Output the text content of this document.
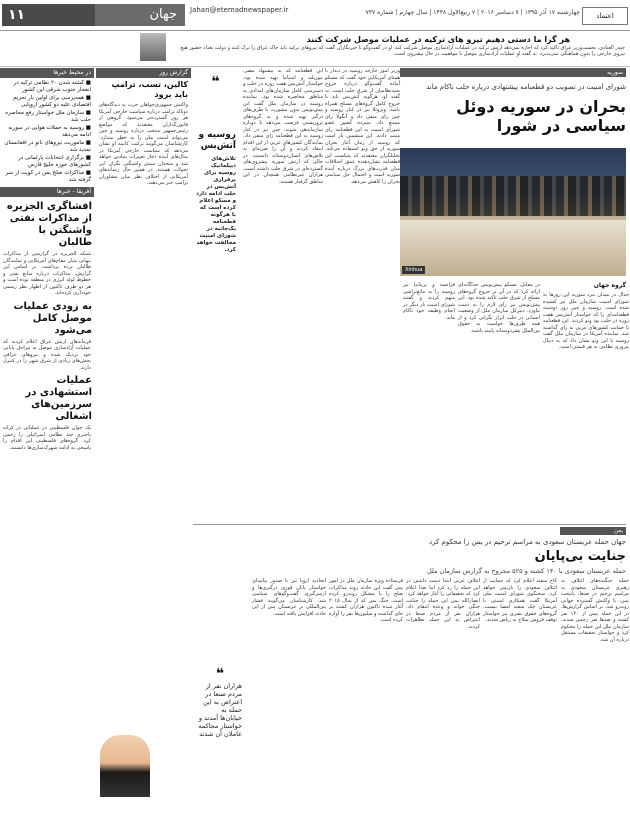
۱۱	جهان	Jahan@etemadnewspaper.ir	چهارشنبه ۱۷ آذر ۱۳۹۵ | ۷ دسامبر ۲۰۱۶ | ۷ ربیع‌الاول ۱۴۳۸ | سال چهارم | شماره ۷۳۷	اعتماد
هر گرا ما دستی دهیم تیرو های ترکیه در عملیات موصل شرکت کنند
حیدر العبادی، نخست‌وزیر عراق تاکید کرد که اجازه نمی‌دهد ارتش ترکیه در عملیات آزادسازی موصل شرکت کند. او در گفت‌وگو با خبرنگاران گفت که نیروهای ترکیه باید خاک عراق را ترک کنند و دولت بغداد حضور هیچ نیروی خارجی را بدون هماهنگی نمی‌پذیرد. به گفته او عملیات آزادسازی موصل با موفقیت در حال پیشروی است.
در محیط خبرها
■ کشته شدن ۲۰ نظامی ترکیه در انفجار جنوب شرقی این کشور
■ همه‌پرسی برای اولین بار تحریم اقتصادی علیه دو کشور اروپایی
■ سازمان ملل خواستار رفع محاصره حلب شد
■ روسیه به حملات هوایی در سوریه ادامه می‌دهد
■ ماموریت نیروهای ناتو در افغانستان تمدید شد
■ برگزاری انتخابات پارلمانی در کشورهای حوزه خلیج فارس
■ مذاکرات صلح یمن در کویت از سر گرفته شد
آفریقا - خبرها
افشاگری الجزیره از مذاکرات نفتی واشنگتن با طالبان
شبکه الجزیره در گزارشی از مذاکرات پنهانی میان مقام‌های آمریکایی و نمایندگان طالبان پرده برداشت. بر اساس این گزارش، مذاکرات درباره منابع نفتی و خطوط لوله انرژی در منطقه بوده است و هر دو طرف تاکنون از اظهار نظر رسمی خودداری کرده‌اند.
به زودی عملیات موصل کامل می‌شود
فرماندهان ارتش عراق اعلام کردند که عملیات آزادسازی موصل به مراحل پایانی خود نزدیک شده و نیروهای عراقی بخش‌های زیادی از شرق شهر را در کنترل دارند.
عملیات استشهادی در سرزمین‌های اشغالی
یک جوان فلسطینی در عملیاتی در کرانه باختری چند نظامی اسرائیلی را زخمی کرد. گروه‌های فلسطینی این اقدام را پاسخی به ادامه شهرک‌سازی‌ها دانستند.
گزارش روز
کالین، تسب، ترامپ باید برود
واکنش جمهوری‌خواهان حزب به دیدگاه‌های دونالد ترامپ درباره سیاست خارجی آمریکا هر روز گسترده‌تر می‌شود. گروهی از قانون‌گذاران معتقدند که مواضع رئیس‌جمهور منتخب درباره روسیه و چین می‌تواند امنیت ملی را به خطر بیندازد. کارشناسان می‌گویند ترکیب کابینه او نشان می‌دهد که سیاست خارجی آمریکا در سال‌های آینده دچار تغییرات بنیادین خواهد شد و متحدان سنتی واشنگتن نگران این تحولات هستند. در همین حال رسانه‌های آمریکایی از اختلاف نظر میان مشاوران ترامپ خبر می‌دهند.
❝
روسیه و آتش‌بس
تلاش‌های دیپلماتیک روسیه برای برقراری آتش‌بس در حلب ادامه دارد و مسکو اعلام کرده است که با هرگونه قطعنامه یک‌جانبه در شورای امنیت مخالفت خواهد کرد.
این قطعنامه که به پیشنهاد مصر، نیوزیلند و اسپانیا تهیه شده بود، خواستار آتش‌بس هفت روزه در حلب و دسترسی کامل سازمان‌های امدادی به مناطق محاصره شده بود. نماینده روسیه در سازمان ملل گفت این پیش‌نویس بدون مشورت با طرف‌های درگیر تهیه شده و به گروه‌های تروریستی فرصت می‌دهد تا دوباره سازماندهی شوند. چین نیز در کنار روسیه به این قطعنامه رای منفی داد. نمایندگان کشورهای غربی از این اقدام انتقاد کردند و آن را ضربه‌ای به تلاش‌های انسان‌دوستانه دانستند. در حالی که ارتش سوریه پیشروی‌های گسترده‌ای در شرق حلب داشته است، هزاران غیرنظامی همچنان در این مناطق گرفتار هستند.
وزیر امور خارجه روسیه در دیدار با همتای آمریکایی خود گفت که مسکو آماده گفت‌وگو درباره خروج شبه‌نظامیان از شرق حلب است. به گفته او، هرگونه آتش‌بس باید با خروج کامل گروه‌های مسلح همراه باشد. ونزوئلا نیز در کنار روسیه و چین رای منفی داد و آنگولا رای ممتنع داد. سیزده کشور عضو شورای امنیت به این قطعنامه رای مثبت دادند. این ششمین بار است که روسیه از زمان آغاز بحران سوریه از حق وتو استفاده می‌کند. تحلیلگران معتقدند که شکست این قطعنامه نشان‌دهنده عمق اختلافات میان قدرت‌های بزرگ درباره آینده سوریه است و احتمال حل سیاسی بحران را کاهش می‌دهد.
سوریه
شورای امنیت در تصویب دو قطعنامه پیشنهادی درباره حلب ناکام ماند
بحران در سوریه دوئل سیاسی در شورا
Xinhua
گروه جهان
جدال در میدان نبرد سوریه این روزها به شورای امنیت سازمان ملل نیز کشیده شده است. روسیه و چین روز دوشنبه قطعنامه‌ای را که خواستار آتش‌بس هفت روزه در حلب بود وتو کردند. این قطعنامه با حمایت کشورهای غربی به رای گذاشته شد. نماینده آمریکا در سازمان ملل گفت روسیه با این وتو نشان داد که به دنبال پیروزی نظامی به هر قیمتی است.
در مقابل، مسکو پیش‌نویس جداگانه‌ای ارائه کرد که در آن بر خروج گروه‌های مسلح از شرق حلب تاکید شده بود. این پیش‌نویس نیز رای لازم را به دست نیاورد. دبیرکل سازمان ملل از وضعیت انسانی در حلب ابراز نگرانی کرد و از همه طرف‌ها خواست به حقوق بین‌الملل بشردوستانه پایبند باشند.
فرانسه و بریتانیا نیز روسیه را به مانع‌تراشی متهم کردند و گفتند شورای امنیت بار دیگر در انجام وظیفه خود ناکام ماند.
یمن
جهان حمله عربستان سعودی به مراسم ترحیم در یمن را محکوم کرد
جنایت بی‌پایان
حمله عربستان سعودی با ۱۴۰ کشته و ۵۲۵ مجروح به گزارش سازمان ملل
حمله جنگنده‌های ائتلاف به رهبری عربستان سعودی به مراسم ترحیم در صنعا، پایتخت یمن، با واکنش گسترده جهانی روبه‌رو شد. بر اساس گزارش‌ها، در این حمله بیش از ۱۴۰ نفر کشته و صدها نفر زخمی شدند. سازمان ملل این حمله را محکوم کرد و خواستار تحقیقات مستقل درباره آن شد.
کاخ سفید اعلام کرد که حمایت از ائتلاف سعودی را بازبینی خواهد کرد. سخنگوی شورای امنیت ملی آمریکا گفت همکاری امنیتی با عربستان چک سفید امضا نیست. گروه‌های حقوق بشری نیز خواستار توقف فروش سلاح به ریاض شدند.
ائتلاف عربی ابتدا دست داشتن در این حمله را رد کرد اما بعدا اعلام کرد که تحقیقاتی را آغاز خواهد کرد. انصارالله یمن این حمله را جنایت جنگی خواند و وعده انتقام داد. هزاران نفر از مردم صنعا در اعتراض به این حمله تظاهرات کردند.
فرستاده ویژه سازمان ملل در امور یمن گفت این حادثه روند مذاکرات صلح را با مشکل روبه‌رو کرده است. جنگ یمن که از سال ۲۰۱۵ آغاز شده تاکنون هزاران کشته بر جای گذاشته و میلیون‌ها نفر را آواره کرده است.
اتحادیه اروپا نیز با صدور بیانیه‌ای خواستار پایان فوری درگیری‌ها و ازسرگیری گفت‌وگوهای سیاسی شد. کارشناسان می‌گویند فشار بین‌المللی بر عربستان پس از این حادثه افزایش یافته است.
❝
هزاران نفر از مردم صنعا در اعتراض به این حمله به خیابان‌ها آمدند و خواستار محاکمه عاملان آن شدند
